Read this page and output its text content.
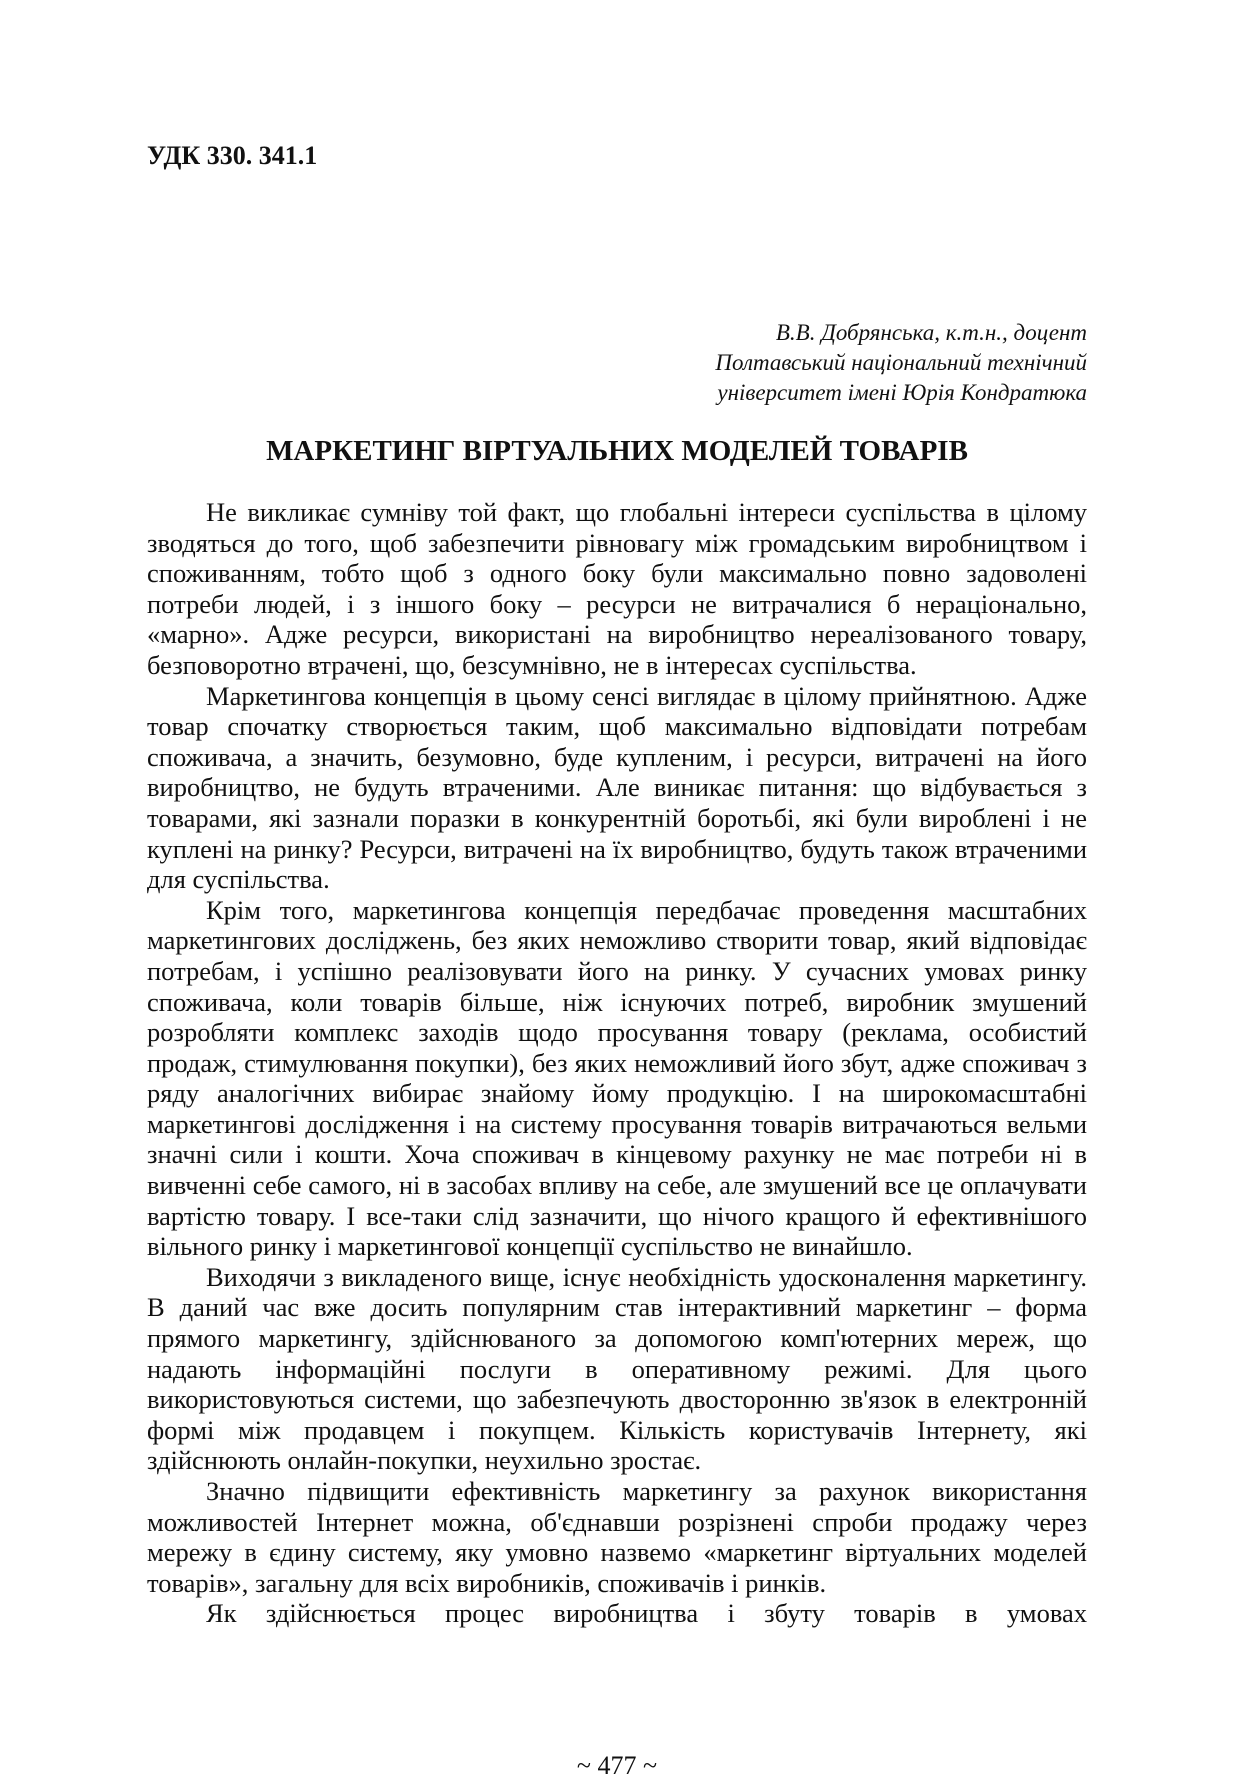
УДК 330. 341.1
В.В. Добрянська, к.т.н., доцент
Полтавський національний технічний
університет імені Юрія Кондратюка
МАРКЕТИНГ ВІРТУАЛЬНИХ МОДЕЛЕЙ ТОВАРІВ

Не викликає сумніву той факт, що глобальні інтереси суспільства в цілому зводяться до того, щоб забезпечити рівновагу між громадським виробництвом і споживанням, тобто щоб з одного боку були максимально повно задоволені потреби людей, і з іншого боку – ресурси не витрачалися б нераціонально, «марно». Адже ресурси, використані на виробництво нереалізованого товару, безповоротно втрачені, що, безсумнівно, не в інтересах суспільства.

Маркетингова концепція в цьому сенсі виглядає в цілому прийнятною. Адже товар спочатку створюється таким, щоб максимально відповідати потребам споживача, а значить, безумовно, буде купленим, і ресурси, витрачені на його виробництво, не будуть втраченими. Але виникає питання: що відбувається з товарами, які зазнали поразки в конкурентній боротьбі, які були вироблені і не куплені на ринку? Ресурси, витрачені на їх виробництво, будуть також втраченими для суспільства.

Крім того, маркетингова концепція передбачає проведення масштабних маркетингових досліджень, без яких неможливо створити товар, який відповідає потребам, і успішно реалізовувати його на ринку. У сучасних умовах ринку споживача, коли товарів більше, ніж існуючих потреб, виробник змушений розробляти комплекс заходів щодо просування товару (реклама, особистий продаж, стимулювання покупки), без яких неможливий його збут, адже споживач з ряду аналогічних вибирає знайому йому продукцію. І на широкомасштабні маркетингові дослідження і на систему просування товарів витрачаються вельми значні сили і кошти. Хоча споживач в кінцевому рахунку не має потреби ні в вивченні себе самого, ні в засобах впливу на себе, але змушений все це оплачувати вартістю товару. І все-таки слід зазначити, що нічого кращого й ефективнішого вільного ринку і маркетингової концепції суспільство не винайшло.

Виходячи з викладеного вище, існує необхідність удосконалення маркетингу. В даний час вже досить популярним став інтерактивний маркетинг – форма прямого маркетингу, здійснюваного за допомогою комп'ютерних мереж, що надають інформаційні послуги в оперативному режимі. Для цього використовуються системи, що забезпечують двосторонню зв'язок в електронній формі між продавцем і покупцем. Кількість користувачів Інтернету, які здійснюють онлайн-покупки, неухильно зростає.

Значно підвищити ефективність маркетингу за рахунок використання можливостей Інтернет можна, об'єднавши розрізнені спроби продажу через мережу в єдину систему, яку умовно назвемо «маркетинг віртуальних моделей товарів», загальну для всіх виробників, споживачів і ринків.

Як здійснюється процес виробництва і збуту товарів в умовах

~ 477 ~
